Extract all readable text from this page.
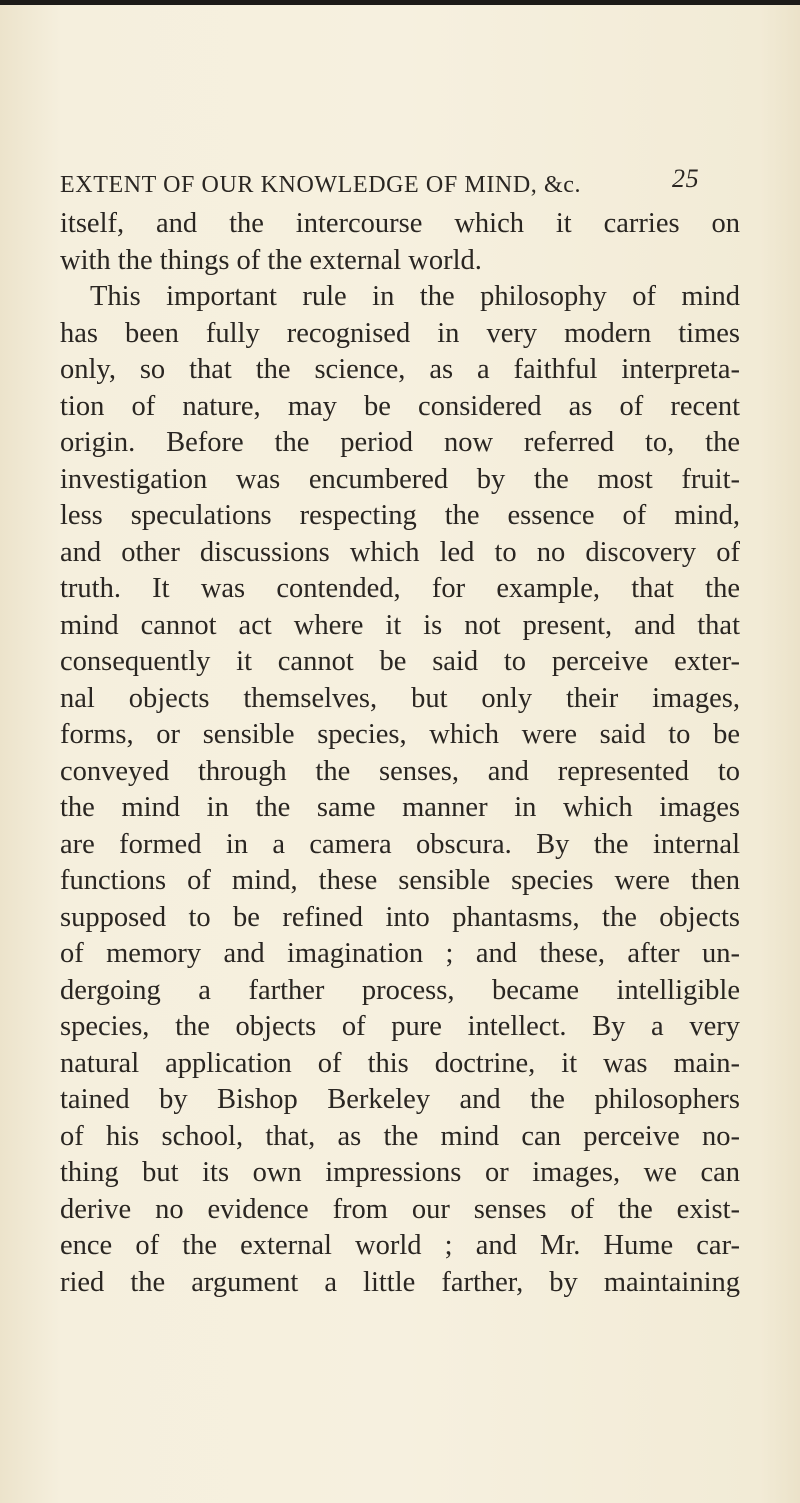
EXTENT OF OUR KNOWLEDGE OF MIND, &c.	25
itself, and the intercourse which it carries on
with the things of the external world.
This important rule in the philosophy of mind
has been fully recognised in very modern times
only, so that the science, as a faithful interpreta-
tion of nature, may be considered as of recent
origin. Before the period now referred to, the
investigation was encumbered by the most fruit-
less speculations respecting the essence of mind,
and other discussions which led to no discovery of
truth. It was contended, for example, that the
mind cannot act where it is not present, and that
consequently it cannot be said to perceive exter-
nal objects themselves, but only their images,
forms, or sensible species, which were said to be
conveyed through the senses, and represented to
the mind in the same manner in which images
are formed in a camera obscura. By the internal
functions of mind, these sensible species were then
supposed to be refined into phantasms, the objects
of memory and imagination ; and these, after un-
dergoing a farther process, became intelligible
species, the objects of pure intellect. By a very
natural application of this doctrine, it was main-
tained by Bishop Berkeley and the philosophers
of his school, that, as the mind can perceive no-
thing but its own impressions or images, we can
derive no evidence from our senses of the exist-
ence of the external world ; and Mr. Hume car-
ried the argument a little farther, by maintaining
